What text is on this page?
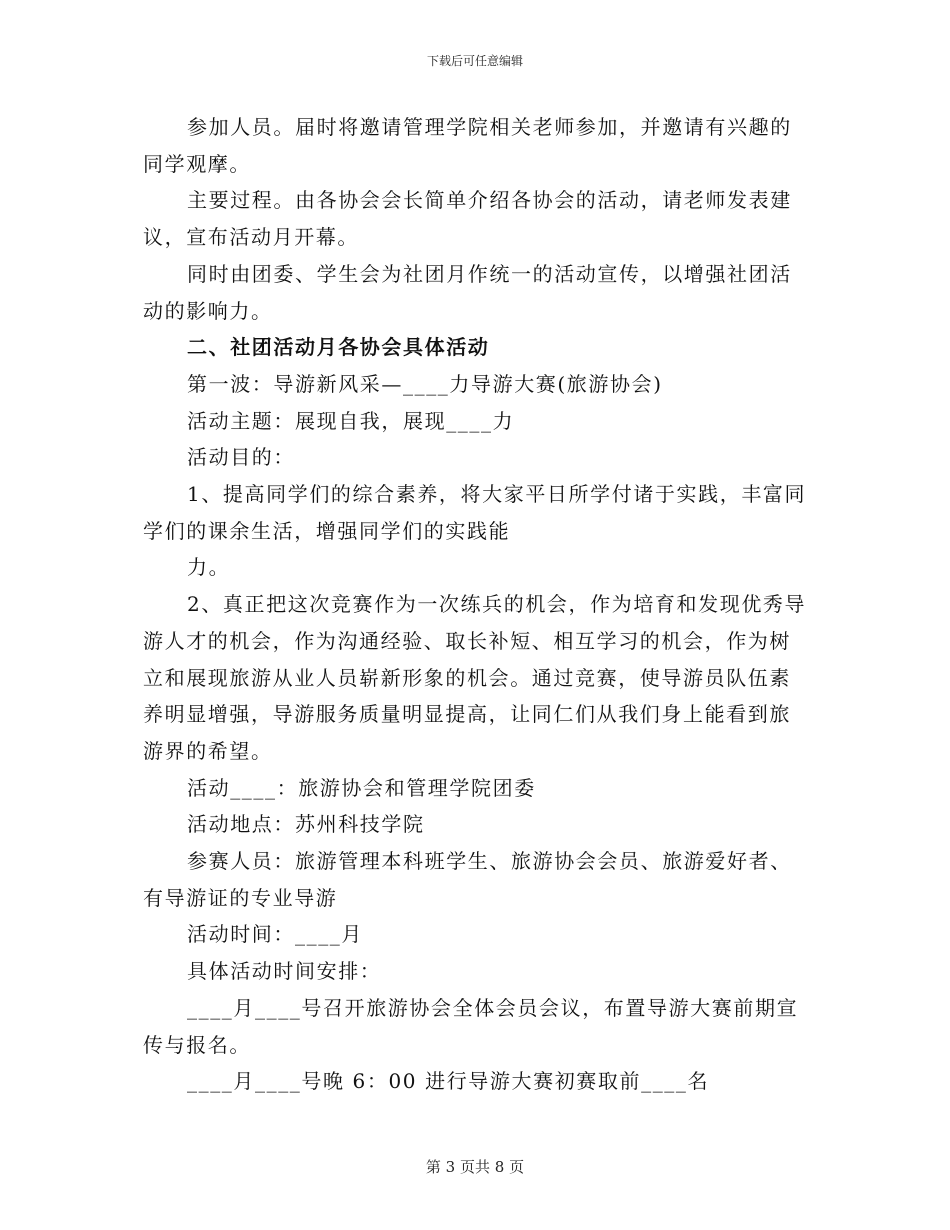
下载后可任意编辑

参加人员。届时将邀请管理学院相关老师参加，并邀请有兴趣的

同学观摩。

主要过程。由各协会会长简单介绍各协会的活动，请老师发表建

议，宣布活动月开幕。

同时由团委、学生会为社团月作统一的活动宣传，以增强社团活

动的影响力。

二、社团活动月各协会具体活动

第一波：导游新风采—____力导游大赛(旅游协会)

活动主题：展现自我，展现____力

活动目的：

1、提高同学们的综合素养，将大家平日所学付诸于实践，丰富同

学们的课余生活，增强同学们的实践能

力。

2、真正把这次竞赛作为一次练兵的机会，作为培育和发现优秀导

游人才的机会，作为沟通经验、取长补短、相互学习的机会，作为树

立和展现旅游从业人员崭新形象的机会。通过竞赛，使导游员队伍素

养明显增强，导游服务质量明显提高，让同仁们从我们身上能看到旅

游界的希望。

活动____：旅游协会和管理学院团委

活动地点：苏州科技学院

参赛人员：旅游管理本科班学生、旅游协会会员、旅游爱好者、

有导游证的专业导游

活动时间：____月

具体活动时间安排：

____月____号召开旅游协会全体会员会议，布置导游大赛前期宣

传与报名。

____月____号晚 6：00 进行导游大赛初赛取前____名

第 3 页共 8 页
